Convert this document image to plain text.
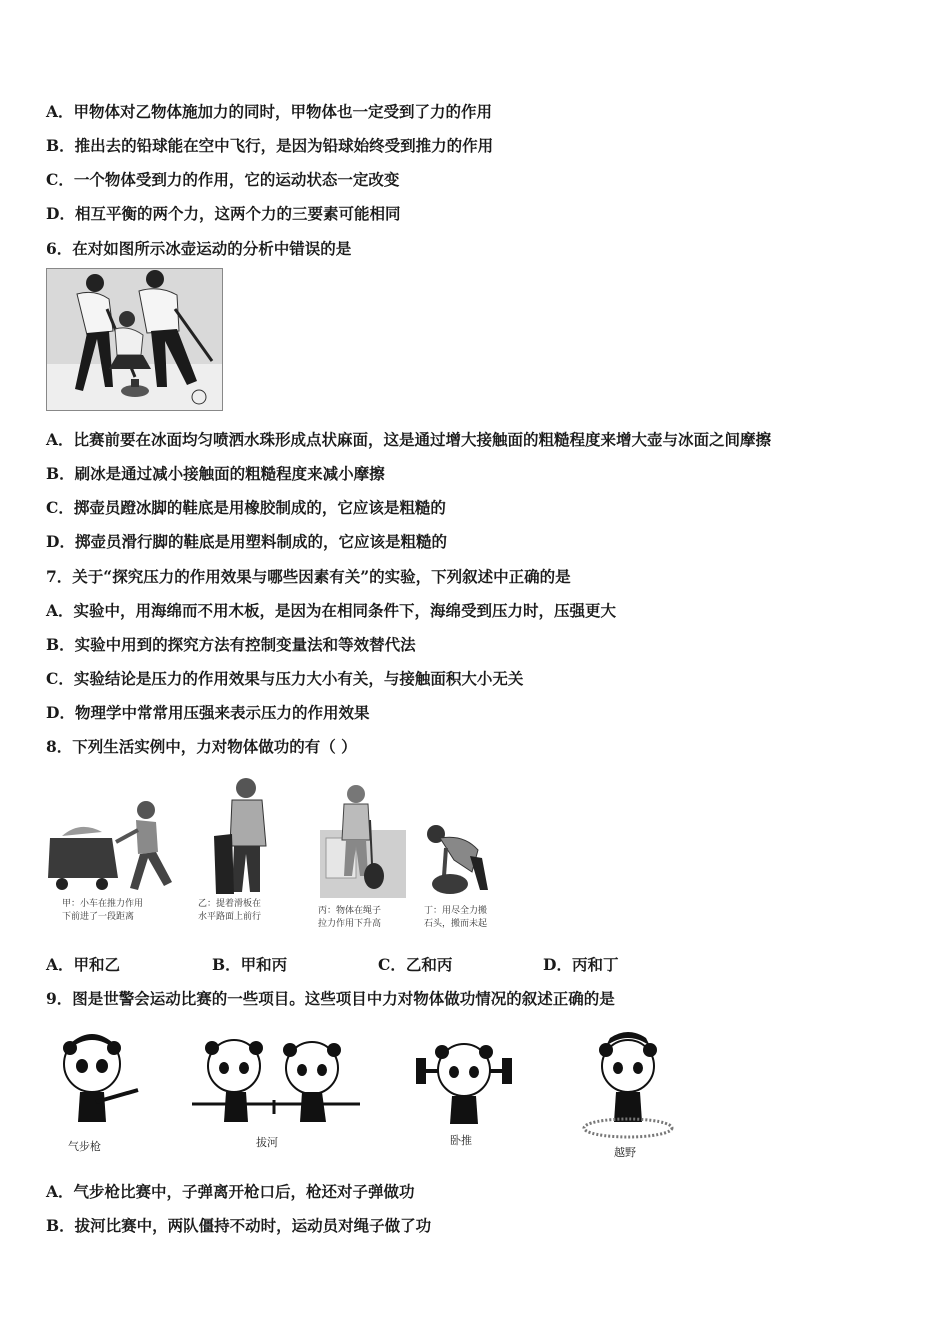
A．甲物体对乙物体施加力的同时，甲物体也一定受到了力的作用
B．推出去的铅球能在空中飞行，是因为铅球始终受到推力的作用
C．一个物体受到力的作用，它的运动状态一定改变
D．相互平衡的两个力，这两个力的三要素可能相同
6．在对如图所示冰壶运动的分析中错误的是
A．比赛前要在冰面均匀喷洒水珠形成点状麻面，这是通过增大接触面的粗糙程度来增大壶与冰面之间摩擦
B．刷冰是通过减小接触面的粗糙程度来减小摩擦
C．掷壶员蹬冰脚的鞋底是用橡胶制成的，它应该是粗糙的
D．掷壶员滑行脚的鞋底是用塑料制成的，它应该是粗糙的
7．关于“探究压力的作用效果与哪些因素有关”的实验，下列叙述中正确的是
A．实验中，用海绵而不用木板，是因为在相同条件下，海绵受到压力时，压强更大
B．实验中用到的探究方法有控制变量法和等效替代法
C．实验结论是压力的作用效果与压力大小有关，与接触面积大小无关
D．物理学中常常用压强来表示压力的作用效果
8．下列生活实例中，力对物体做功的有（ ）
甲：小车在推力作用
下前进了一段距离
乙：提着滑板在
水平路面上前行
丙：物体在绳子
拉力作用下升高
丁：用尽全力搬
石头，搬而未起
A．甲和乙	B．甲和丙	C．乙和丙	D．丙和丁
9．图是世警会运动比赛的一些项目。这些项目中力对物体做功情况的叙述正确的是
气步枪	拔河	卧推
越野
A．气步枪比赛中，子弹离开枪口后，枪还对子弹做功
B．拔河比赛中，两队僵持不动时，运动员对绳子做了功
